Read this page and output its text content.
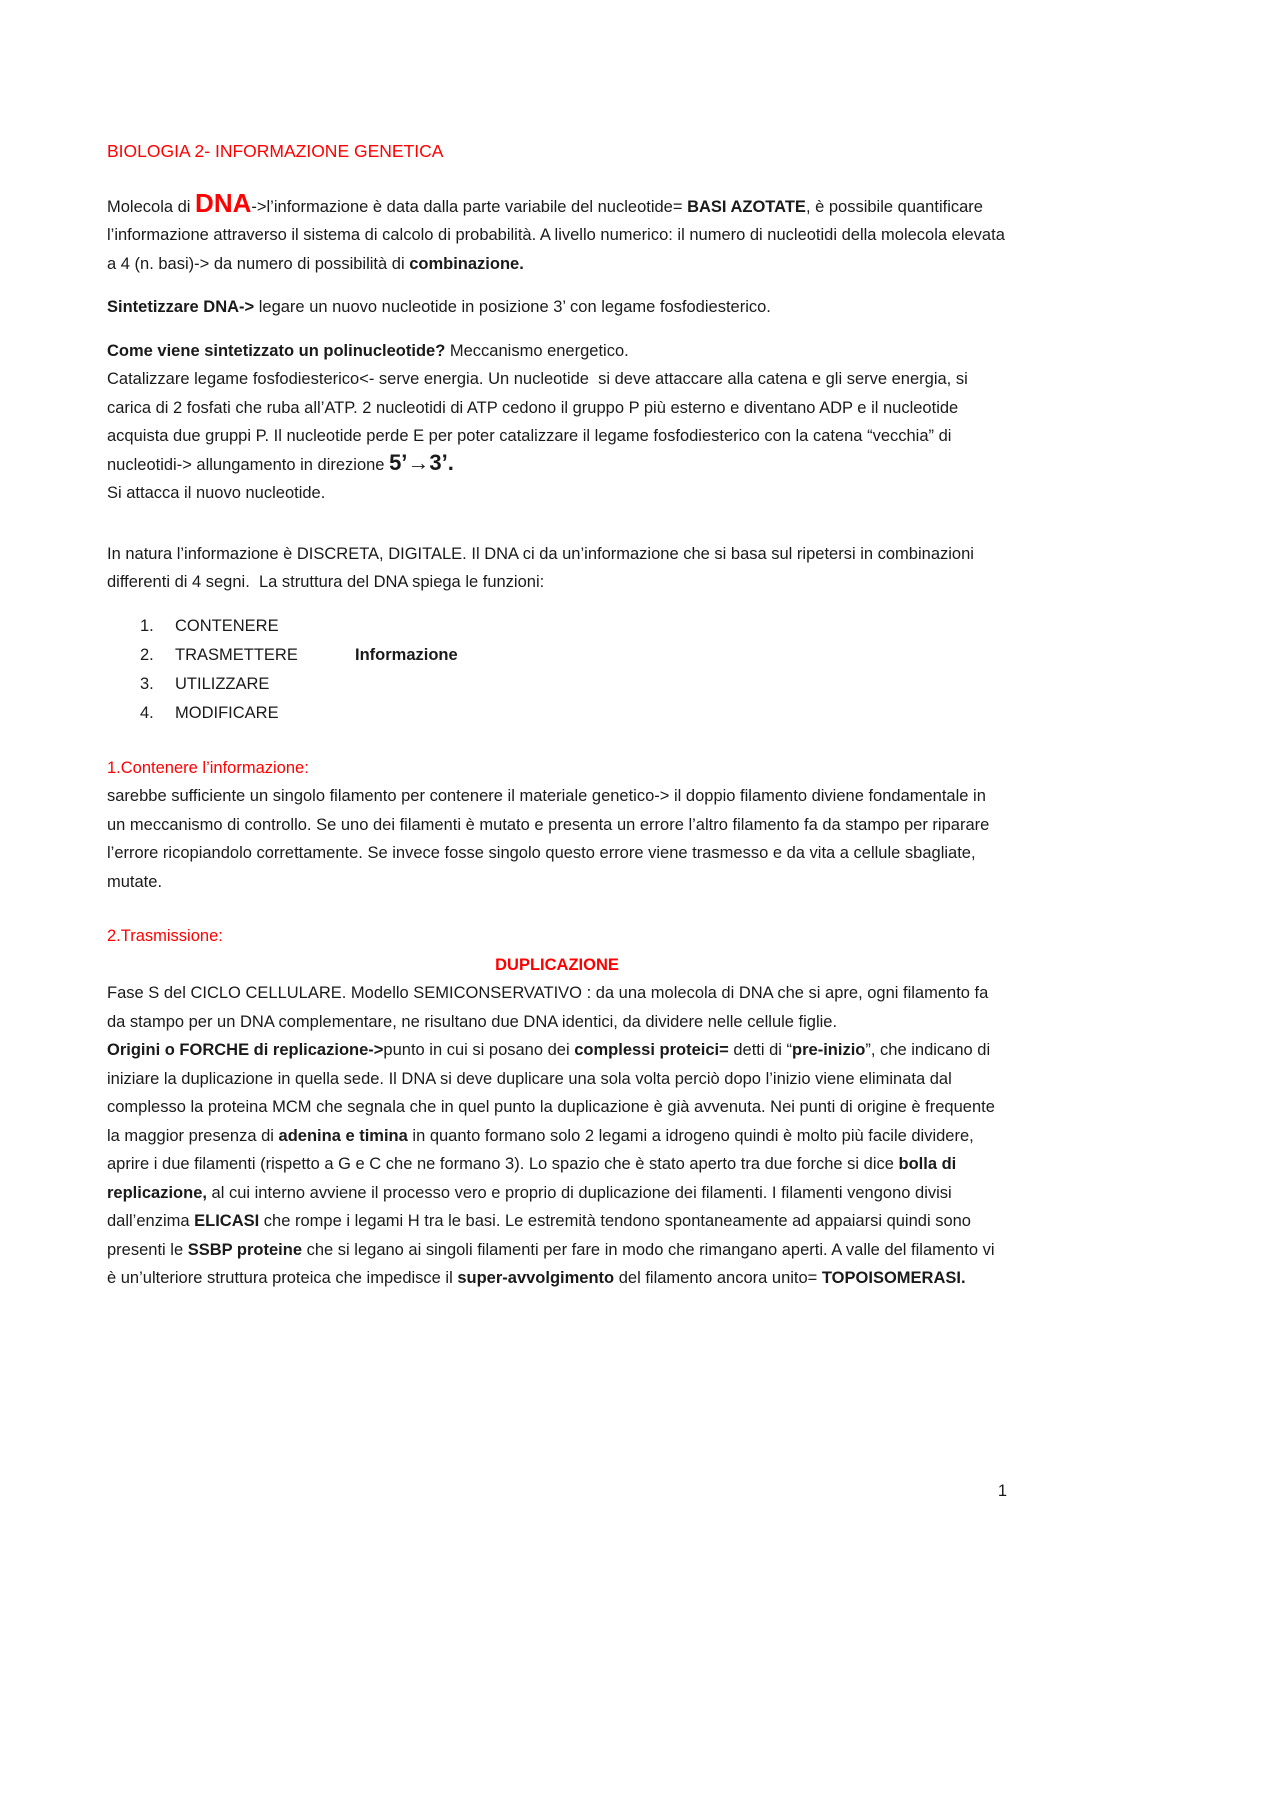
BIOLOGIA 2- INFORMAZIONE GENETICA

Molecola di DNA->l’informazione è data dalla parte variabile del nucleotide= BASI AZOTATE, è possibile quantificare l’informazione attraverso il sistema di calcolo di probabilità. A livello numerico: il numero di nucleotidi della molecola elevata a 4 (n. basi)-> da numero di possibilità di combinazione.

Sintetizzare DNA-> legare un nuovo nucleotide in posizione 3’ con legame fosfodiesterico.

Come viene sintetizzato un polinucleotide? Meccanismo energetico.
Catalizzare legame fosfodiesterico<- serve energia. Un nucleotide  si deve attaccare alla catena e gli serve energia, si carica di 2 fosfati che ruba all’ATP. 2 nucleotidi di ATP cedono il gruppo P più esterno e diventano ADP e il nucleotide acquista due gruppi P. Il nucleotide perde E per poter catalizzare il legame fosfodiesterico con la catena “vecchia” di nucleotidi-> allungamento in direzione 5’→3’.
Si attacca il nuovo nucleotide.

In natura l’informazione è DISCRETA, DIGITALE. Il DNA ci da un’informazione che si basa sul ripetersi in combinazioni differenti di 4 segni.  La struttura del DNA spiega le funzioni:

1. CONTENERE
2. TRASMETTERE	Informazione
3. UTILIZZARE
4. MODIFICARE

1.Contenere l’informazione:

sarebbe sufficiente un singolo filamento per contenere il materiale genetico-> il doppio filamento diviene fondamentale in un meccanismo di controllo. Se uno dei filamenti è mutato e presenta un errore l’altro filamento fa da stampo per riparare l’errore ricopiandolo correttamente. Se invece fosse singolo questo errore viene trasmesso e da vita a cellule sbagliate, mutate.

2.Trasmissione:

DUPLICAZIONE

Fase S del CICLO CELLULARE. Modello SEMICONSERVATIVO : da una molecola di DNA che si apre, ogni filamento fa da stampo per un DNA complementare, ne risultano due DNA identici, da dividere nelle cellule figlie.
Origini o FORCHE di replicazione->punto in cui si posano dei complessi proteici= detti di “pre-inizio”, che indicano di iniziare la duplicazione in quella sede. Il DNA si deve duplicare una sola volta perciò dopo l’inizio viene eliminata dal complesso la proteina MCM che segnala che in quel punto la duplicazione è già avvenuta. Nei punti di origine è frequente la maggior presenza di adenina e timina in quanto formano solo 2 legami a idrogeno quindi è molto più facile dividere, aprire i due filamenti (rispetto a G e C che ne formano 3). Lo spazio che è stato aperto tra due forche si dice bolla di replicazione, al cui interno avviene il processo vero e proprio di duplicazione dei filamenti. I filamenti vengono divisi dall’enzima ELICASI che rompe i legami H tra le basi. Le estremità tendono spontaneamente ad appaiarsi quindi sono presenti le SSBP proteine che si legano ai singoli filamenti per fare in modo che rimangano aperti. A valle del filamento vi è un’ulteriore struttura proteica che impedisce il super-avvolgimento del filamento ancora unito= TOPOISOMERASI.

1
